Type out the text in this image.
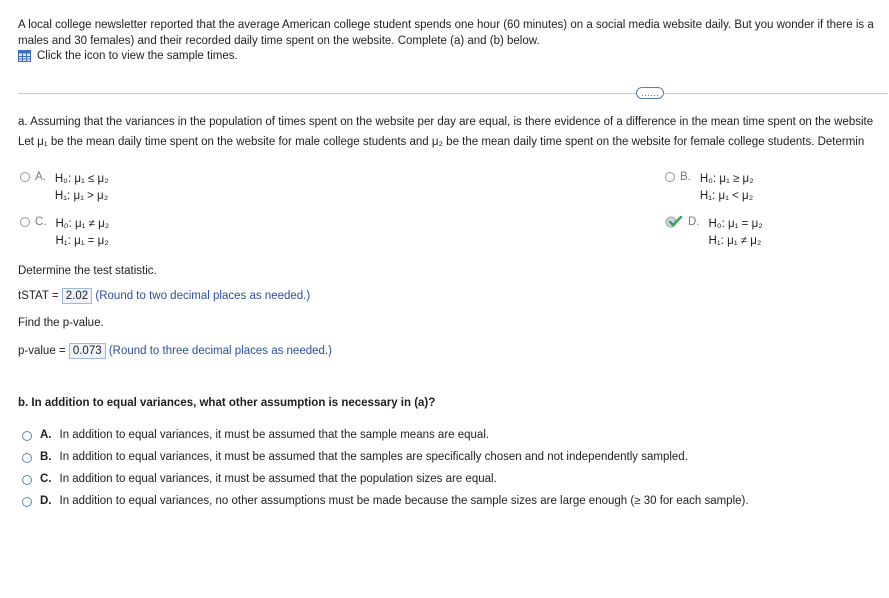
A local college newsletter reported that the average American college student spends one hour (60 minutes) on a social media website daily. But you wonder if there is a
males and 30 females) and their recorded daily time spent on the website. Complete (a) and (b) below.
Click the icon to view the sample times.
……
a. Assuming that the variances in the population of times spent on the website per day are equal, is there evidence of a difference in the mean time spent on the website
Let μ₁ be the mean daily time spent on the website for male college students and μ₂ be the mean daily time spent on the website for female college students. Determin
A. H₀: μ₁ ≤ μ₂
H₁: μ₁ > μ₂
B. H₀: μ₁ ≥ μ₂
H₁: μ₁ < μ₂
C. H₀: μ₁ ≠ μ₂
H₁: μ₁ = μ₂
D. H₀: μ₁ = μ₂
H₁: μ₁ ≠ μ₂
Determine the test statistic.
tSTAT = 2.02 (Round to two decimal places as needed.)
Find the p-value.
p-value = 0.073 (Round to three decimal places as needed.)
b. In addition to equal variances, what other assumption is necessary in (a)?
A. In addition to equal variances, it must be assumed that the sample means are equal.
B. In addition to equal variances, it must be assumed that the samples are specifically chosen and not independently sampled.
C. In addition to equal variances, it must be assumed that the population sizes are equal.
D. In addition to equal variances, no other assumptions must be made because the sample sizes are large enough (≥ 30 for each sample).
